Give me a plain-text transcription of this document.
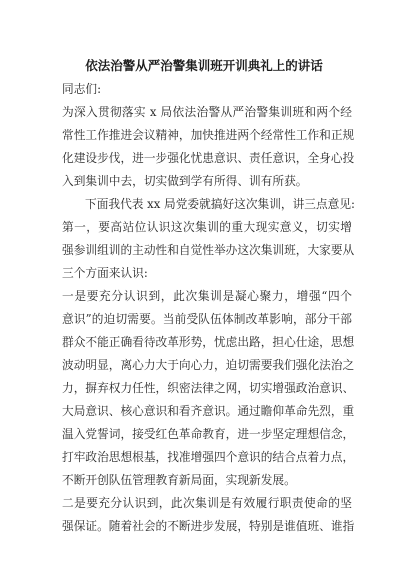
依法治警从严治警集训班开训典礼上的讲话
同志们:
为深入贯彻落实 x 局依法治警从严治警集训班和两个经
常性工作推进会议精神，加快推进两个经常性工作和正规
化建设步伐，进一步强化忧患意识、责任意识，全身心投
入到集训中去，切实做到学有所得、训有所获。
下面我代表 xx 局党委就搞好这次集训，讲三点意见:
第一，要高站位认识这次集训的重大现实意义，切实增
强参训组训的主动性和自觉性举办这次集训班，大家要从
三个方面来认识:
一是要充分认识到，此次集训是凝心聚力，增强“四个
意识”的迫切需要。当前受队伍体制改革影响，部分干部
群众不能正确看待改革形势，忧虑出路，担心仕途，思想
波动明显，离心力大于向心力，迫切需要我们强化法治之
力，摒弃权力任性，织密法律之网，切实增强政治意识、
大局意识、核心意识和看齐意识。通过瞻仰革命先烈，重
温入党誓词，接受红色革命教育，进一步坚定理想信念，
打牢政治思想根基，找准增强四个意识的结合点着力点，
不断开创队伍管理教育新局面，实现新发展。
二是要充分认识到，此次集训是有效履行职责使命的坚
强保证。随着社会的不断进步发展，特别是谁值班、谁指
